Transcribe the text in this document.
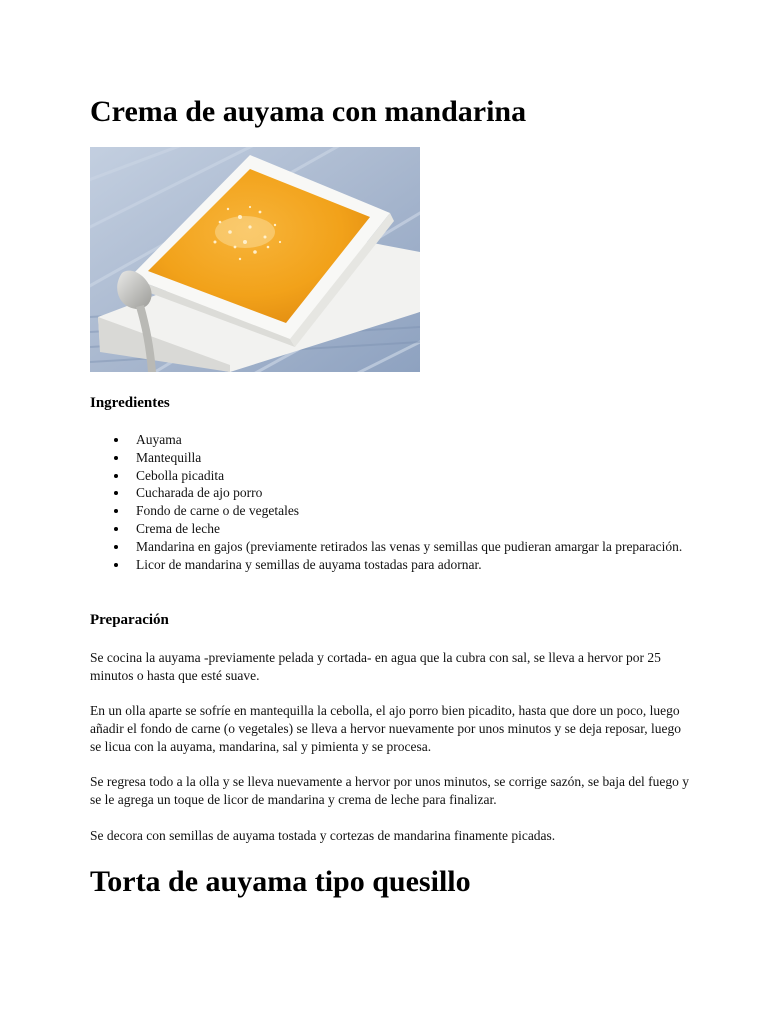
Crema de auyama con mandarina
Ingredientes
Auyama
Mantequilla
Cebolla picadita
Cucharada de ajo porro
Fondo de carne o de vegetales
Crema de leche
Mandarina en gajos (previamente retirados las venas y semillas que pudieran amargar la preparación.
Licor de mandarina y semillas de auyama tostadas para adornar.
Preparación

Se cocina la auyama -previamente pelada y cortada- en agua que la cubra con sal, se lleva a hervor por 25 minutos o hasta que esté suave.

En un olla aparte se sofríe en mantequilla la cebolla, el ajo porro bien picadito, hasta que dore un poco, luego añadir el fondo de carne (o vegetales) se lleva a hervor nuevamente por unos minutos y se deja reposar, luego se licua con la auyama, mandarina, sal y pimienta y se procesa.

Se regresa todo a la olla y se lleva nuevamente a hervor por unos minutos, se corrige sazón, se baja del fuego y se le agrega un toque de licor de mandarina y crema de leche para finalizar.

Se decora con semillas de auyama tostada y cortezas de mandarina finamente picadas.

Torta de auyama tipo quesillo
